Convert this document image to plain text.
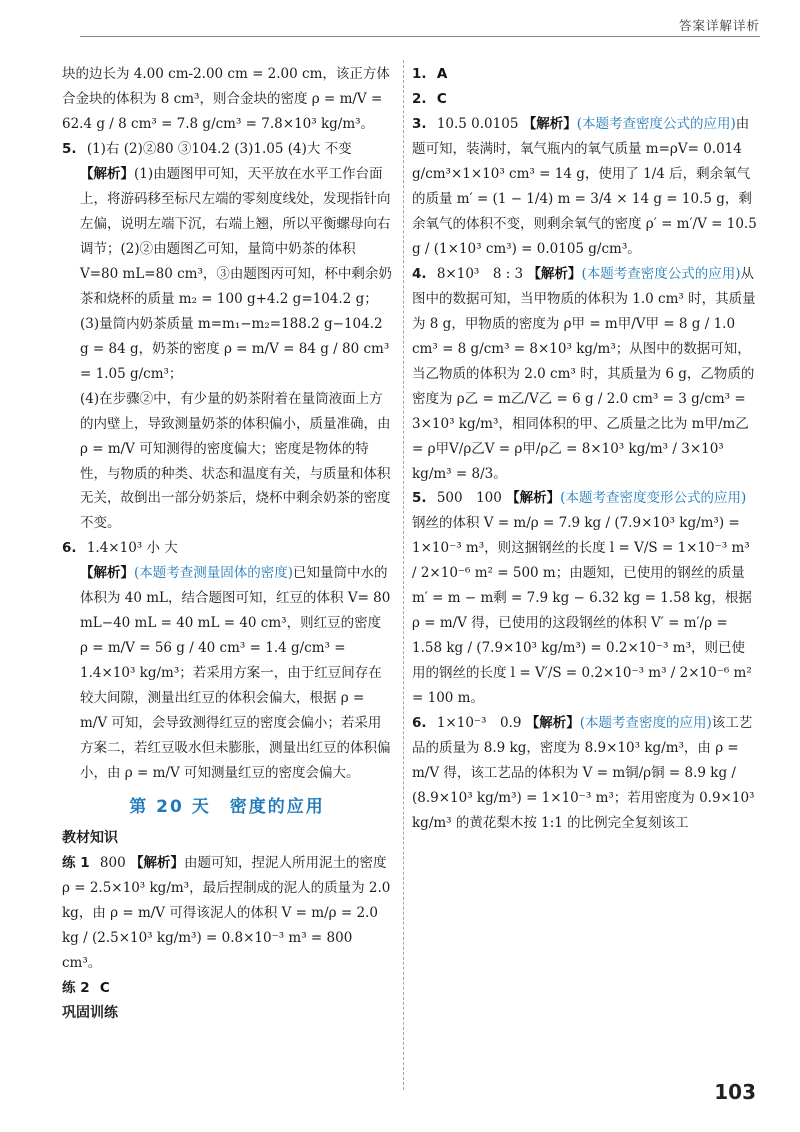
答案详解详析

块的边长为 4.00 cm-2.00 cm = 2.00 cm，该正方体合金块的体积为 8 cm³，则合金块的密度 ρ = m/V = 62.4 g / 8 cm³ = 7.8 g/cm³ = 7.8×10³ kg/m³。

5. (1)右 (2)②80 ③104.2 (3)1.05 (4)大 不变

【解析】(1)由题图甲可知，天平放在水平工作台面上，将游码移至标尺左端的零刻度线处，发现指针向左偏，说明左端下沉，右端上翘，所以平衡螺母向右调节；(2)②由题图乙可知，量筒中奶茶的体积 V=80 mL=80 cm³，③由题图丙可知，杯中剩余奶茶和烧杯的质量 m₂ = 100 g+4.2 g=104.2 g；(3)量筒内奶茶质量 m=m₁−m₂=188.2 g−104.2 g = 84 g，奶茶的密度 ρ = m/V = 84 g / 80 cm³ = 1.05 g/cm³；

(4)在步骤②中，有少量的奶茶附着在量筒液面上方的内壁上，导致测量奶茶的体积偏小，质量准确，由 ρ = m/V 可知测得的密度偏大；密度是物体的特性，与物质的种类、状态和温度有关，与质量和体积无关，故倒出一部分奶茶后，烧杯中剩余奶茶的密度不变。

6. 1.4×10³ 小 大

【解析】(本题考查测量固体的密度)已知量筒中水的体积为 40 mL，结合题图可知，红豆的体积 V= 80 mL−40 mL = 40 mL = 40 cm³，则红豆的密度 ρ = m/V = 56 g / 40 cm³ = 1.4 g/cm³ = 1.4×10³ kg/m³；若采用方案一，由于红豆间存在较大间隙，测量出红豆的体积会偏大，根据 ρ = m/V 可知，会导致测得红豆的密度会偏小；若采用方案二，若红豆吸水但未膨胀，测量出红豆的体积偏小，由 ρ = m/V 可知测量红豆的密度会偏大。

第 20 天　密度的应用
教材知识

练 1 800 【解析】由题可知，捏泥人所用泥土的密度 ρ = 2.5×10³ kg/m³，最后捏制成的泥人的质量为 2.0 kg，由 ρ = m/V 可得该泥人的体积 V = m/ρ = 2.0 kg / (2.5×10³ kg/m³) = 0.8×10⁻³ m³ = 800 cm³。

练 2 C

巩固训练

1. A

2. C

3. 10.5 0.0105 【解析】(本题考查密度公式的应用)由题可知，装满时，氧气瓶内的氧气质量 m=ρV= 0.014 g/cm³×1×10³ cm³ = 14 g，使用了 1/4 后，剩余氧气的质量 m′ = (1 − 1/4) m = 3/4 × 14 g = 10.5 g，剩余氧气的体积不变，则剩余氧气的密度 ρ′ = m′/V = 10.5 g / (1×10³ cm³) = 0.0105 g/cm³。

4. 8×10³　8 : 3 【解析】(本题考查密度公式的应用)从图中的数据可知，当甲物质的体积为 1.0 cm³ 时，其质量为 8 g，甲物质的密度为 ρ甲 = m甲/V甲 = 8 g / 1.0 cm³ = 8 g/cm³ = 8×10³ kg/m³；从图中的数据可知，当乙物质的体积为 2.0 cm³ 时，其质量为 6 g，乙物质的密度为 ρ乙 = m乙/V乙 = 6 g / 2.0 cm³ = 3 g/cm³ = 3×10³ kg/m³，相同体积的甲、乙质量之比为 m甲/m乙 = ρ甲V/ρ乙V = ρ甲/ρ乙 = 8×10³ kg/m³ / 3×10³ kg/m³ = 8/3。

5. 500　100 【解析】(本题考查密度变形公式的应用)钢丝的体积 V = m/ρ = 7.9 kg / (7.9×10³ kg/m³) = 1×10⁻³ m³，则这捆钢丝的长度 l = V/S = 1×10⁻³ m³ / 2×10⁻⁶ m² = 500 m；由题知，已使用的钢丝的质量 m′ = m − m剩 = 7.9 kg − 6.32 kg = 1.58 kg，根据 ρ = m/V 得，已使用的这段钢丝的体积 V′ = m′/ρ = 1.58 kg / (7.9×10³ kg/m³) = 0.2×10⁻³ m³，则已使用的钢丝的长度 l = V′/S = 0.2×10⁻³ m³ / 2×10⁻⁶ m² = 100 m。

6. 1×10⁻³　0.9 【解析】(本题考查密度的应用)该工艺品的质量为 8.9 kg，密度为 8.9×10³ kg/m³，由 ρ = m/V 得，该工艺品的体积为 V = m铜/ρ铜 = 8.9 kg / (8.9×10³ kg/m³) = 1×10⁻³ m³；若用密度为 0.9×10³ kg/m³ 的黄花梨木按 1:1 的比例完全复刻该工

103
